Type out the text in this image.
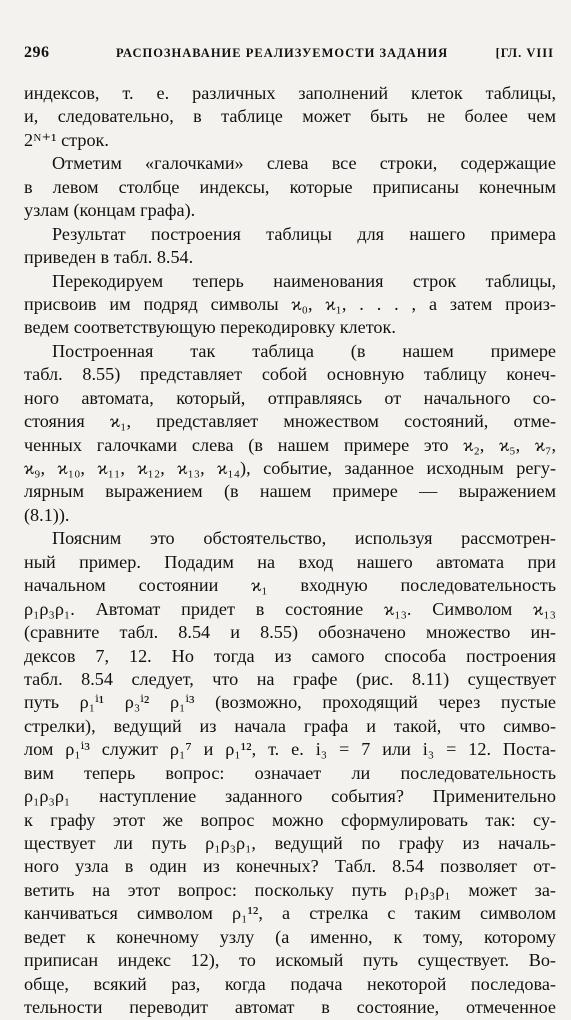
296	РАСПОЗНАВАНИЕ РЕАЛИЗУЕМОСТИ ЗАДАНИЯ	[ГЛ. VIII
индексов, т. е. различных заполнений клеток таблицы,
и, следовательно, в таблице может быть не более чем
2ᴺ⁺¹ строк.
Отметим «галочками» слева все строки, содержащие
в левом столбце индексы, которые приписаны конечным
узлам (концам графа).
Результат построения таблицы для нашего примера
приведен в табл. 8.54.
Перекодируем теперь наименования строк таблицы,
присвоив им подряд символы ϰ₀, ϰ₁, . . . , а затем произ-
ведем соответствующую перекодировку клеток.
Построенная так таблица (в нашем примере
табл. 8.55) представляет собой основную таблицу конеч-
ного автомата, который, отправляясь от начального со-
стояния ϰ₁, представляет множеством состояний, отме-
ченных галочками слева (в нашем примере это ϰ₂, ϰ₅, ϰ₇,
ϰ₉, ϰ₁₀, ϰ₁₁, ϰ₁₂, ϰ₁₃, ϰ₁₄), событие, заданное исходным регу-
лярным выражением (в нашем примере — выражением
(8.1)).
Поясним это обстоятельство, используя рассмотрен-
ный пример. Подадим на вход нашего автомата при
начальном состоянии ϰ₁ входную последовательность
ρ₁ρ₃ρ₁. Автомат придет в состояние ϰ₁₃. Символом ϰ₁₃
(сравните табл. 8.54 и 8.55) обозначено множество ин-
дексов 7, 12. Но тогда из самого способа построения
табл. 8.54 следует, что на графе (рис. 8.11) существует
путь ρ₁ⁱ¹ ρ₃ⁱ² ρ₁ⁱ³ (возможно, проходящий через пустые
стрелки), ведущий из начала графа и такой, что симво-
лом ρ₁ⁱ³ служит ρ₁⁷ и ρ₁¹², т. е. i₃ = 7 или i₃ = 12. Поста-
вим теперь вопрос: означает ли последовательность
ρ₁ρ₃ρ₁ наступление заданного события? Применительно
к графу этот же вопрос можно сформулировать так: су-
ществует ли путь ρ₁ρ₃ρ₁, ведущий по графу из началь-
ного узла в один из конечных? Табл. 8.54 позволяет от-
ветить на этот вопрос: поскольку путь ρ₁ρ₃ρ₁ может за-
канчиваться символом ρ₁¹², а стрелка с таким символом
ведет к конечному узлу (а именно, к тому, которому
приписан индекс 12), то искомый путь существует. Во-
обще, всякий раз, когда подача некоторой последова-
тельности переводит автомат в состояние, отмеченное
